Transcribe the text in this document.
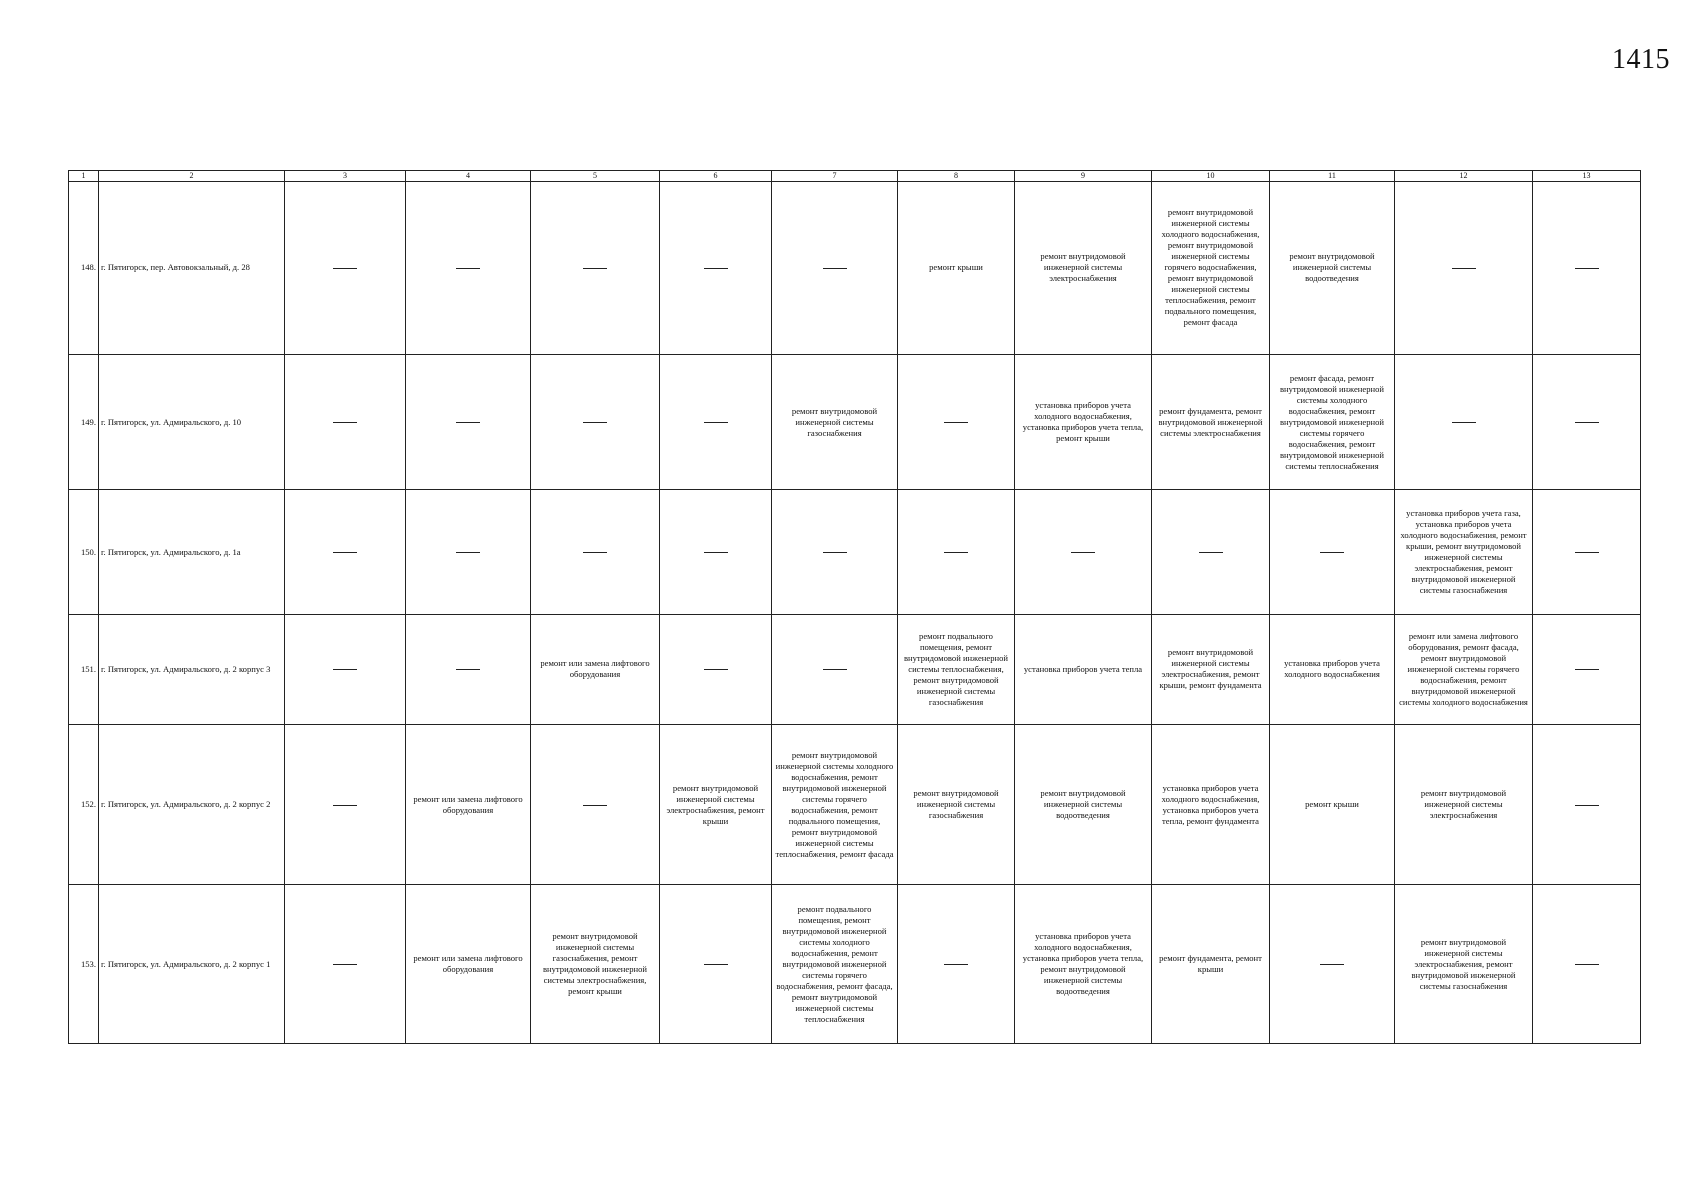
1415
1	2	3	4	5	6	7	8	9	10	11	12	13
148.	г. Пятигорск, пер. Автовокзальный, д. 28						ремонт крыши	ремонт внутридомовой инженерной системы электроснабжения	ремонт внутридомовой инженерной системы холодного водоснабжения, ремонт внутридомовой инженерной системы горячего водоснабжения, ремонт внутридомовой инженерной системы теплоснабжения, ремонт подвального помещения, ремонт фасада	ремонт внутридомовой инженерной системы водоотведения		
149.	г. Пятигорск, ул. Адмиральского, д. 10					ремонт внутридомовой инженерной системы газоснабжения		установка приборов учета холодного водоснабжения, установка приборов учета тепла, ремонт крыши	ремонт фундамента, ремонт внутридомовой инженерной системы электроснабжения	ремонт фасада, ремонт внутридомовой инженерной системы холодного водоснабжения, ремонт внутридомовой инженерной системы горячего водоснабжения, ремонт внутридомовой инженерной системы теплоснабжения		
150.	г. Пятигорск, ул. Адмиральского, д. 1а										установка приборов учета газа, установка приборов учета холодного водоснабжения, ремонт крыши, ремонт внутридомовой инженерной системы электроснабжения, ремонт внутридомовой инженерной системы газоснабжения	
151.	г. Пятигорск, ул. Адмиральского, д. 2 корпус 3			ремонт или замена лифтового оборудования			ремонт подвального помещения, ремонт внутридомовой инженерной системы теплоснабжения, ремонт внутридомовой инженерной системы газоснабжения	установка приборов учета тепла	ремонт внутридомовой инженерной системы электроснабжения, ремонт крыши, ремонт фундамента	установка приборов учета холодного водоснабжения	ремонт или замена лифтового оборудования, ремонт фасада, ремонт внутридомовой инженерной системы горячего водоснабжения, ремонт внутридомовой инженерной системы холодного водоснабжения	
152.	г. Пятигорск, ул. Адмиральского, д. 2 корпус 2		ремонт или замена лифтового оборудования		ремонт внутридомовой инженерной системы электроснабжения, ремонт крыши	ремонт внутридомовой инженерной системы холодного водоснабжения, ремонт внутридомовой инженерной системы горячего водоснабжения, ремонт подвального помещения, ремонт внутридомовой инженерной системы теплоснабжения, ремонт фасада	ремонт внутридомовой инженерной системы газоснабжения	ремонт внутридомовой инженерной системы водоотведения	установка приборов учета холодного водоснабжения, установка приборов учета тепла, ремонт фундамента	ремонт крыши	ремонт внутридомовой инженерной системы электроснабжения	
153.	г. Пятигорск, ул. Адмиральского, д. 2 корпус 1		ремонт или замена лифтового оборудования	ремонт внутридомовой инженерной системы газоснабжения, ремонт внутридомовой инженерной системы электроснабжения, ремонт крыши		ремонт подвального помещения, ремонт внутридомовой инженерной системы холодного водоснабжения, ремонт внутридомовой инженерной системы горячего водоснабжения, ремонт фасада, ремонт внутридомовой инженерной системы теплоснабжения		установка приборов учета холодного водоснабжения, установка приборов учета тепла, ремонт внутридомовой инженерной системы водоотведения	ремонт фундамента, ремонт крыши		ремонт внутридомовой инженерной системы электроснабжения, ремонт внутридомовой инженерной системы газоснабжения	
